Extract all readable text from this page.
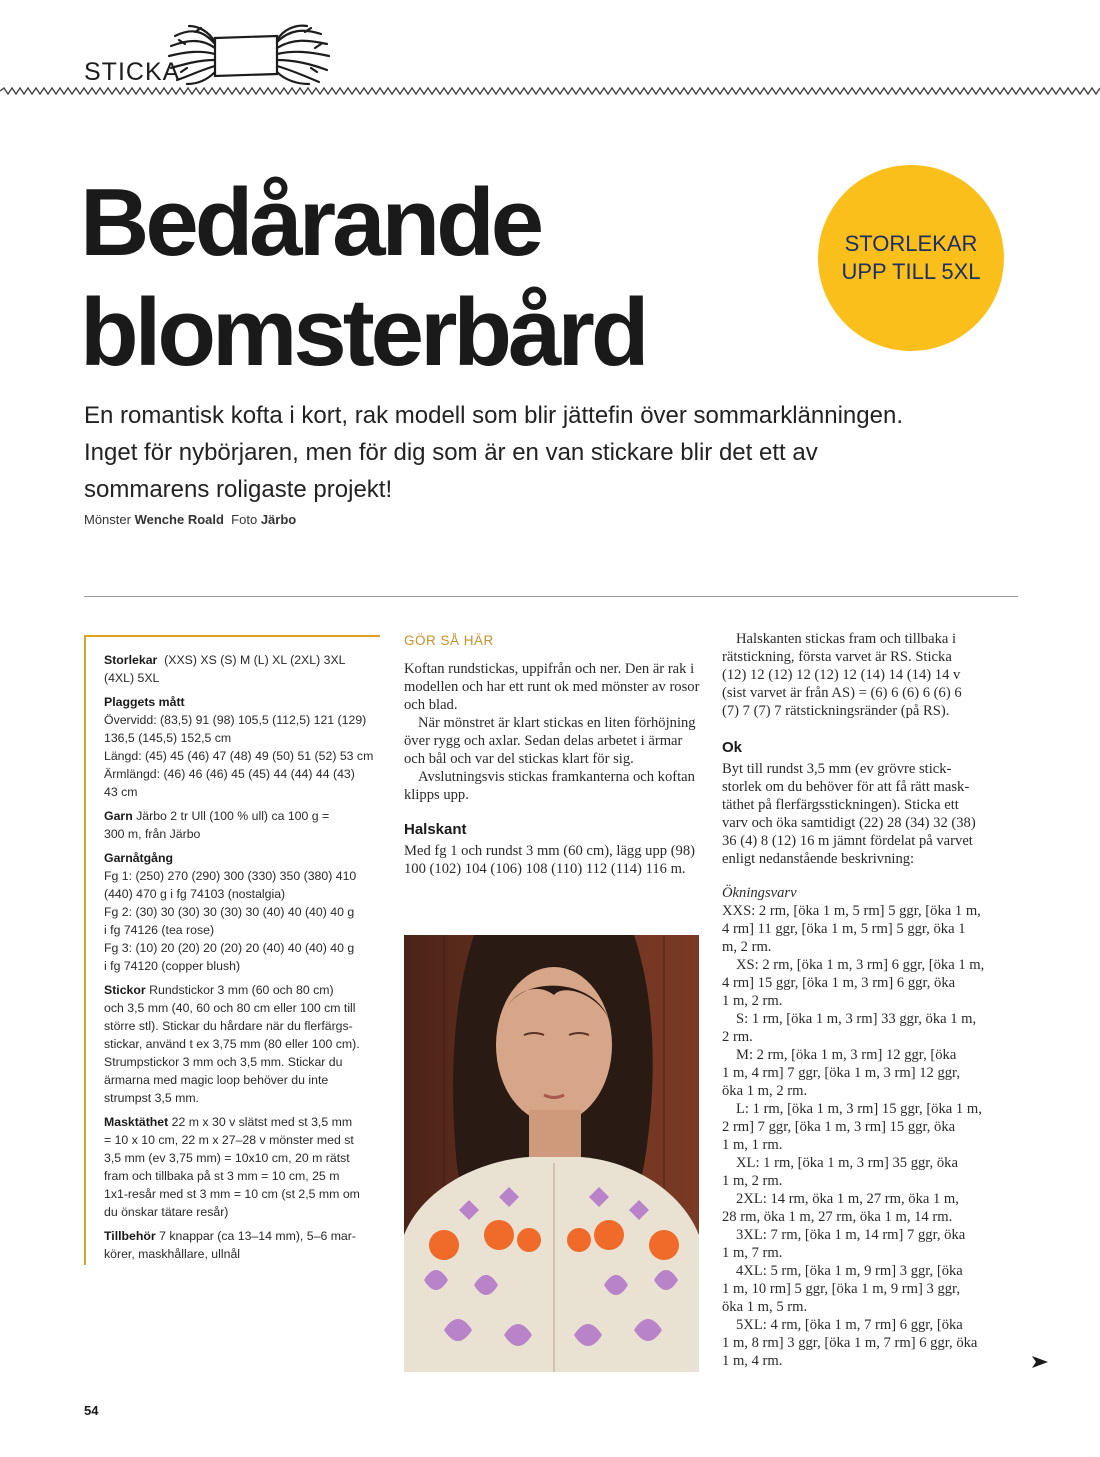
STICKA
Bedårande
blomsterbård
STORLEKAR
UPP TILL 5XL
En romantisk kofta i kort, rak modell som blir jättefin över sommarklänningen.
Inget för nybörjaren, men för dig som är en van stickare blir det ett av
sommarens roligaste projekt!
Mönster Wenche Roald Foto Järbo
Storlekar (XXS) XS (S) M (L) XL (2XL) 3XL
(4XL) 5XL
Plaggets mått
Övervidd: (83,5) 91 (98) 105,5 (112,5) 121 (129)
136,5 (145,5) 152,5 cm
Längd: (45) 45 (46) 47 (48) 49 (50) 51 (52) 53 cm
Ärmlängd: (46) 46 (46) 45 (45) 44 (44) 44 (43)
43 cm
Garn Järbo 2 tr Ull (100 % ull) ca 100 g =
300 m, från Järbo
Garnåtgång
Fg 1: (250) 270 (290) 300 (330) 350 (380) 410
(440) 470 g i fg 74103 (nostalgia)
Fg 2: (30) 30 (30) 30 (30) 30 (40) 40 (40) 40 g
i fg 74126 (tea rose)
Fg 3: (10) 20 (20) 20 (20) 20 (40) 40 (40) 40 g
i fg 74120 (copper blush)
Stickor Rundstickor 3 mm (60 och 80 cm)
och 3,5 mm (40, 60 och 80 cm eller 100 cm till
större stl). Stickar du hårdare när du flerfärgs-
stickar, använd t ex 3,75 mm (80 eller 100 cm).
Strumpstickor 3 mm och 3,5 mm. Stickar du
ärmarna med magic loop behöver du inte
strumpst 3,5 mm.
Masktäthet 22 m x 30 v slätst med st 3,5 mm
= 10 x 10 cm, 22 m x 27–28 v mönster med st
3,5 mm (ev 3,75 mm) = 10x10 cm, 20 m rätst
fram och tillbaka på st 3 mm = 10 cm, 25 m
1x1-resår med st 3 mm = 10 cm (st 2,5 mm om
du önskar tätare resår)
Tillbehör 7 knappar (ca 13–14 mm), 5–6 mar-
körer, maskhållare, ullnål
GÖR SÅ HÄR

Koftan rundstickas, uppifrån och ner. Den är rak i modellen och har ett runt ok med mönster av rosor och blad.

När mönstret är klart stickas en liten förhöjning över rygg och axlar. Sedan delas arbetet i ärmar och bål och var del stickas klart för sig.

Avslutningsvis stickas framkanterna och koftan klipps upp.

Halskant

Med fg 1 och rundst 3 mm (60 cm), lägg upp (98) 100 (102) 104 (106) 108 (110) 112 (114) 116 m.

Halskanten stickas fram och tillbaka i
rätstickning, första varvet är RS. Sticka
(12) 12 (12) 12 (12) 12 (14) 14 (14) 14 v
(sist varvet är från AS) = (6) 6 (6) 6 (6) 6
(7) 7 (7) 7 rätstickningsränder (på RS).
Ok
Byt till rundst 3,5 mm (ev grövre stick-
storlek om du behöver för att få rätt mask-
täthet på flerfärgsstickningen). Sticka ett
varv och öka samtidigt (22) 28 (34) 32 (38)
36 (4) 8 (12) 16 m jämnt fördelat på varvet
enligt nedanstående beskrivning:
Ökningsvarv
XXS: 2 rm, [öka 1 m, 5 rm] 5 ggr, [öka 1 m,
4 rm] 11 ggr, [öka 1 m, 5 rm] 5 ggr, öka 1
m, 2 rm.
XS: 2 rm, [öka 1 m, 3 rm] 6 ggr, [öka 1 m,
4 rm] 15 ggr, [öka 1 m, 3 rm] 6 ggr, öka
1 m, 2 rm.
S: 1 rm, [öka 1 m, 3 rm] 33 ggr, öka 1 m,
2 rm.
M: 2 rm, [öka 1 m, 3 rm] 12 ggr, [öka
1 m, 4 rm] 7 ggr, [öka 1 m, 3 rm] 12 ggr,
öka 1 m, 2 rm.
L: 1 rm, [öka 1 m, 3 rm] 15 ggr, [öka 1 m,
2 rm] 7 ggr, [öka 1 m, 3 rm] 15 ggr, öka
1 m, 1 rm.
XL: 1 rm, [öka 1 m, 3 rm] 35 ggr, öka
1 m, 2 rm.
2XL: 14 rm, öka 1 m, 27 rm, öka 1 m,
28 rm, öka 1 m, 27 rm, öka 1 m, 14 rm.
3XL: 7 rm, [öka 1 m, 14 rm] 7 ggr, öka
1 m, 7 rm.
4XL: 5 rm, [öka 1 m, 9 rm] 3 ggr, [öka
1 m, 10 rm] 5 ggr, [öka 1 m, 9 rm] 3 ggr,
öka 1 m, 5 rm.
5XL: 4 rm, [öka 1 m, 7 rm] 6 ggr, [öka
1 m, 8 rm] 3 ggr, [öka 1 m, 7 rm] 6 ggr, öka
1 m, 4 rm.
54
